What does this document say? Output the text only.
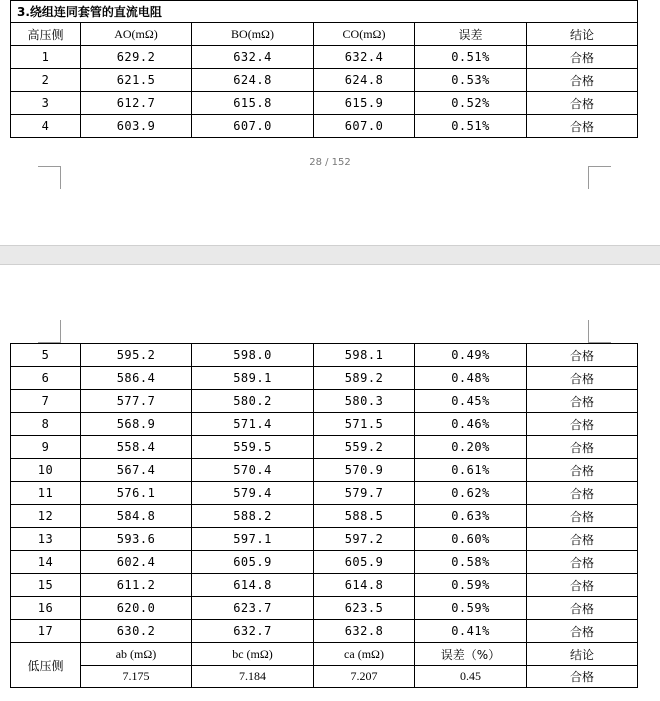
3.绕组连同套管的直流电阻					
高压侧	AO(mΩ)	BO(mΩ)	CO(mΩ)	误差	结论
1	629.2	632.4	632.4	0.51%	合格
2	621.5	624.8	624.8	0.53%	合格
3	612.7	615.8	615.9	0.52%	合格
4	603.9	607.0	607.0	0.51%	合格
28 / 152
5	595.2	598.0	598.1	0.49%	合格
6	586.4	589.1	589.2	0.48%	合格
7	577.7	580.2	580.3	0.45%	合格
8	568.9	571.4	571.5	0.46%	合格
9	558.4	559.5	559.2	0.20%	合格
10	567.4	570.4	570.9	0.61%	合格
11	576.1	579.4	579.7	0.62%	合格
12	584.8	588.2	588.5	0.63%	合格
13	593.6	597.1	597.2	0.60%	合格
14	602.4	605.9	605.9	0.58%	合格
15	611.2	614.8	614.8	0.59%	合格
16	620.0	623.7	623.5	0.59%	合格
17	630.2	632.7	632.8	0.41%	合格
低压侧	ab (mΩ)	bc (mΩ)	ca (mΩ)	误差（%）	结论
	7.175	7.184	7.207	0.45	合格
